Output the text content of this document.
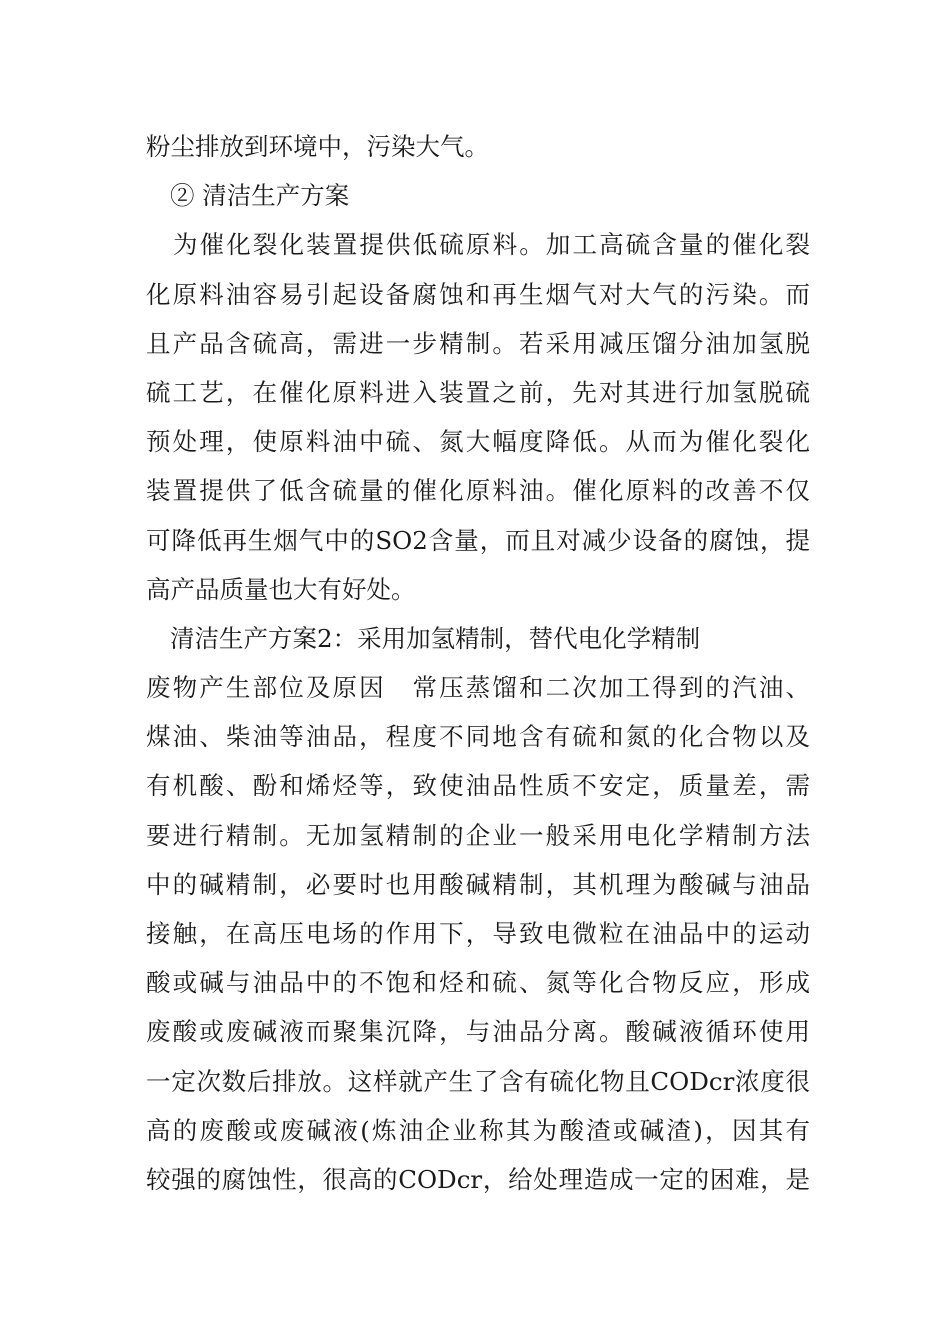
粉尘排放到环境中，污染大气。
② 清洁生产方案
为催化裂化装置提供低硫原料。加工高硫含量的催化裂
化原料油容易引起设备腐蚀和再生烟气对大气的污染。而
且产品含硫高，需进一步精制。若采用减压馏分油加氢脱
硫工艺，在催化原料进入装置之前，先对其进行加氢脱硫
预处理，使原料油中硫、氮大幅度降低。从而为催化裂化
装置提供了低含硫量的催化原料油。催化原料的改善不仅
可降低再生烟气中的SO2含量，而且对减少设备的腐蚀，提
高产品质量也大有好处。
清洁生产方案2：采用加氢精制，替代电化学精制
废物产生部位及原因　常压蒸馏和二次加工得到的汽油、
煤油、柴油等油品，程度不同地含有硫和氮的化合物以及
有机酸、酚和烯烃等，致使油品性质不安定，质量差，需
要进行精制。无加氢精制的企业一般采用电化学精制方法
中的碱精制，必要时也用酸碱精制，其机理为酸碱与油品
接触，在高压电场的作用下，导致电微粒在油品中的运动
酸或碱与油品中的不饱和烃和硫、氮等化合物反应，形成
废酸或废碱液而聚集沉降，与油品分离。酸碱液循环使用
一定次数后排放。这样就产生了含有硫化物且CODcr浓度很
高的废酸或废碱液(炼油企业称其为酸渣或碱渣)，因其有
较强的腐蚀性，很高的CODcr，给处理造成一定的困难，是
